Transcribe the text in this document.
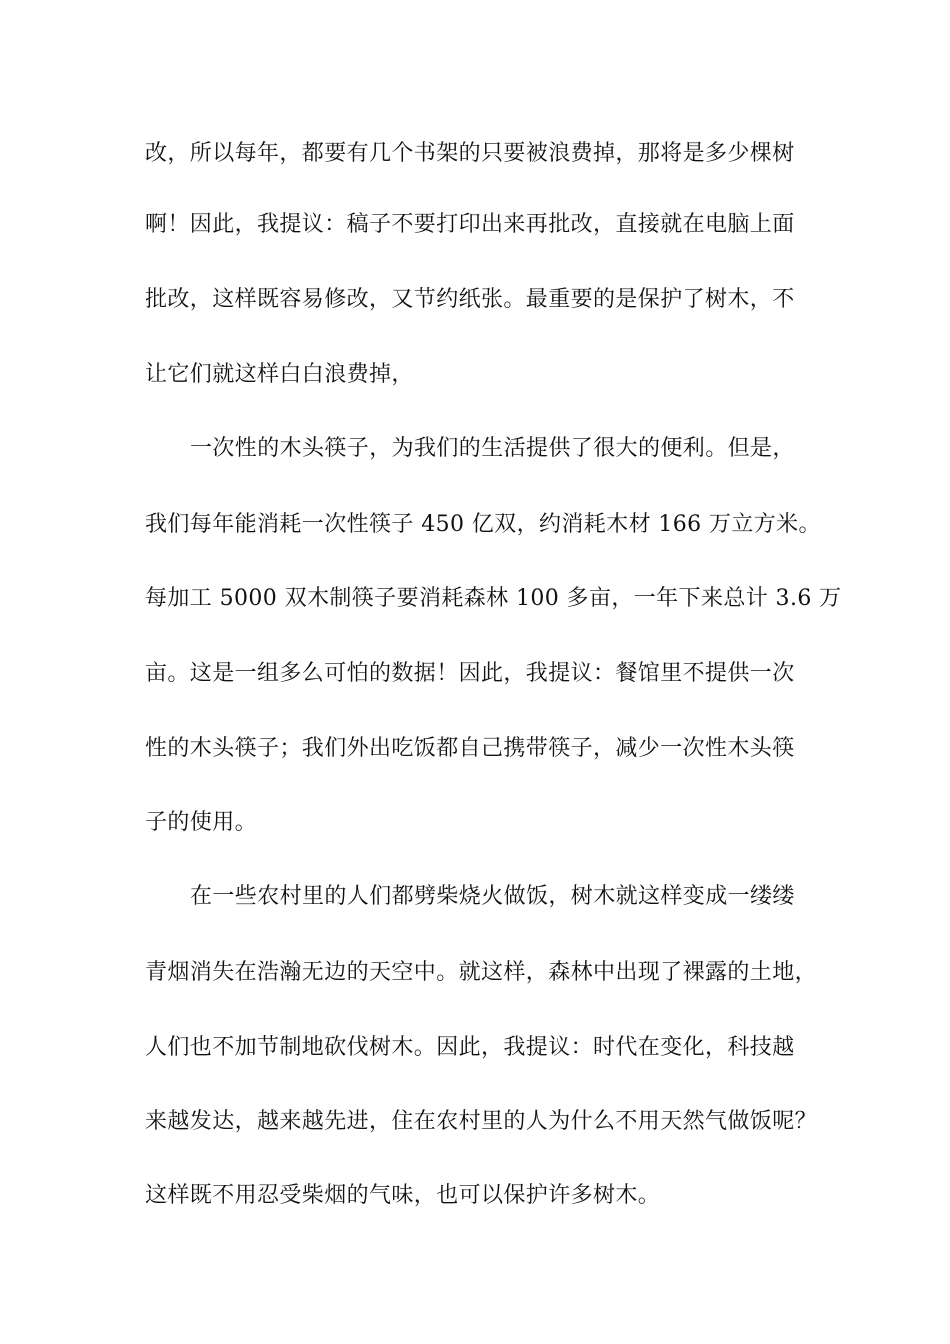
改，所以每年，都要有几个书架的只要被浪费掉，那将是多少棵树
啊！因此，我提议：稿子不要打印出来再批改，直接就在电脑上面
批改，这样既容易修改，又节约纸张。最重要的是保护了树木，不
让它们就这样白白浪费掉，
一次性的木头筷子，为我们的生活提供了很大的便利。但是，
我们每年能消耗一次性筷子 450 亿双，约消耗木材 166 万立方米。
每加工 5000 双木制筷子要消耗森林 100 多亩，一年下来总计 3.6 万
亩。这是一组多么可怕的数据！因此，我提议：餐馆里不提供一次
性的木头筷子；我们外出吃饭都自己携带筷子，减少一次性木头筷
子的使用。
在一些农村里的人们都劈柴烧火做饭，树木就这样变成一缕缕
青烟消失在浩瀚无边的天空中。就这样，森林中出现了裸露的土地，
人们也不加节制地砍伐树木。因此，我提议：时代在变化，科技越
来越发达，越来越先进，住在农村里的人为什么不用天然气做饭呢？
这样既不用忍受柴烟的气味，也可以保护许多树木。
